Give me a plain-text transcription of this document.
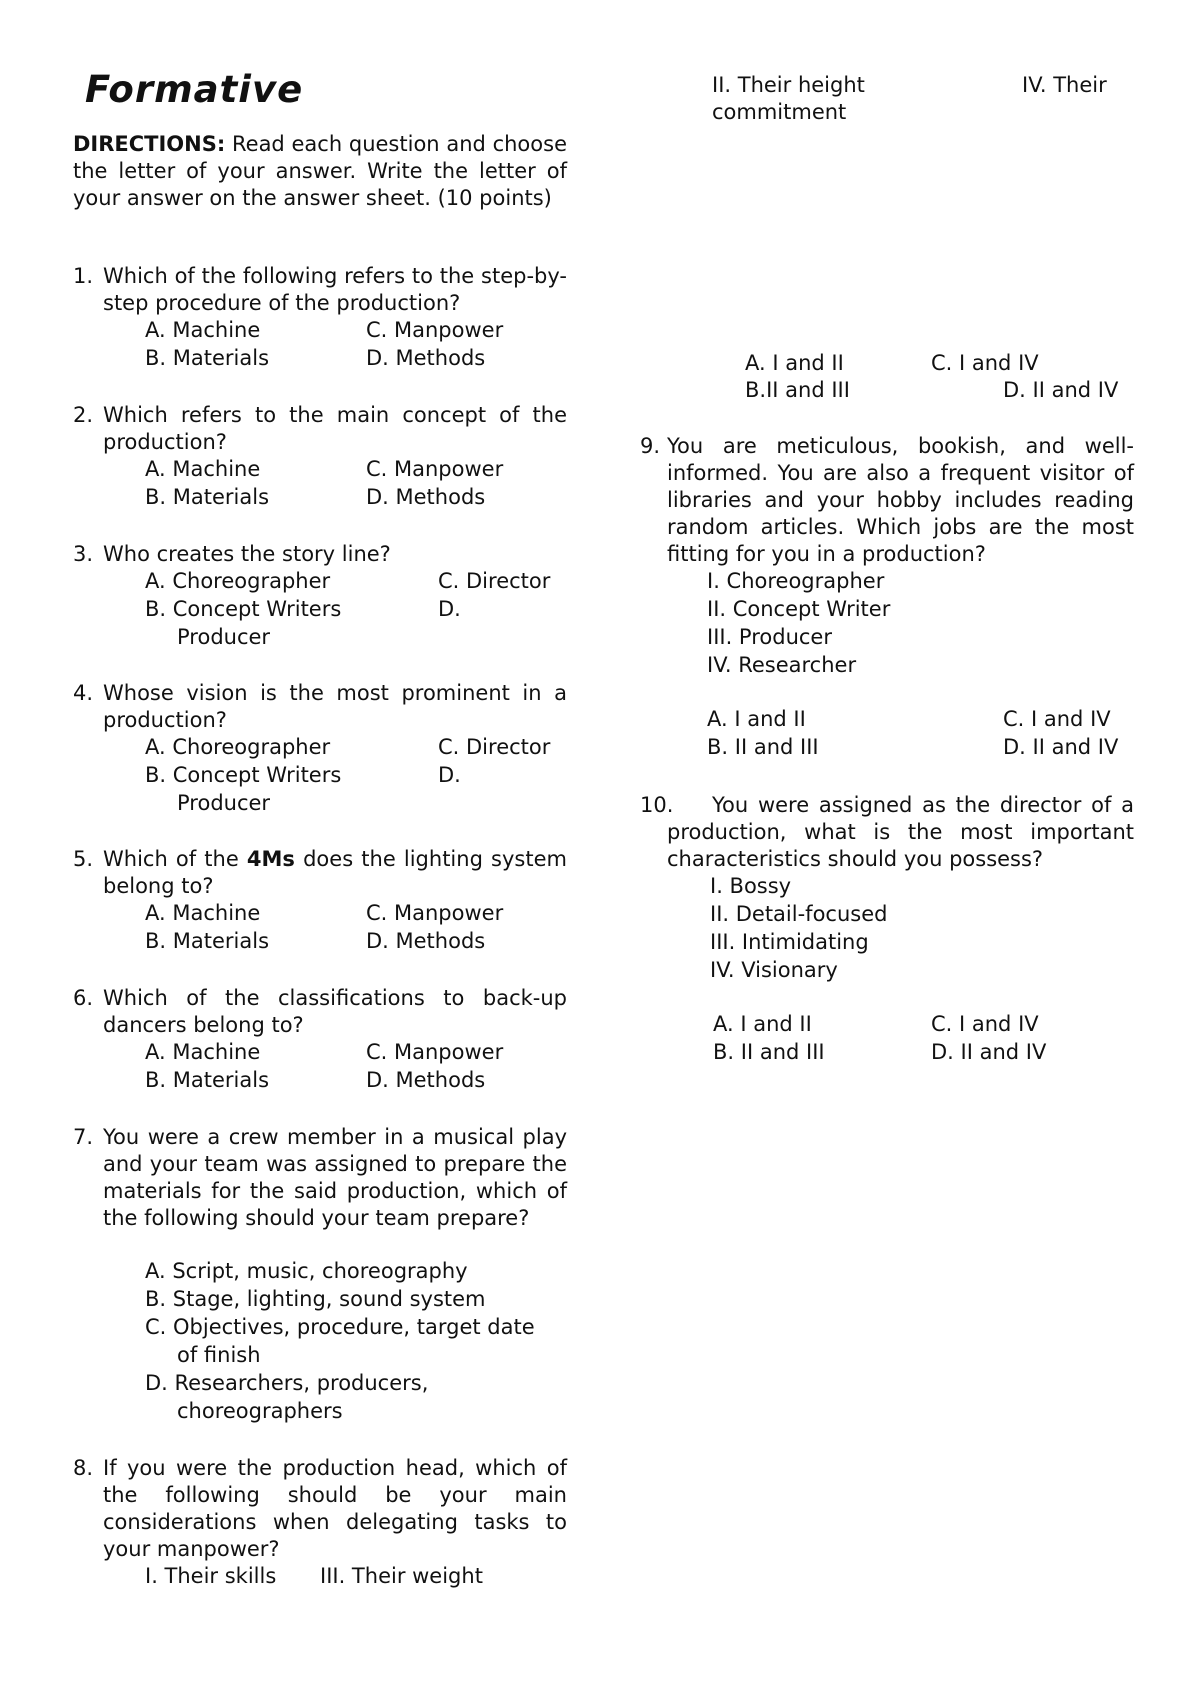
Formative

DIRECTIONS: Read each question and choose the letter of your answer. Write the letter of your answer on the answer sheet. (10 points)

1. Which of the following refers to the step-by-step procedure of the production?
A. Machine	C. Manpower
B. Materials	D. Methods
2. Which refers to the main concept of the production?
A. Machine	C. Manpower
B. Materials	D. Methods
3. Who creates the story line?
A. Choreographer	C. Director
B. Concept Writers	D.
Producer
4. Whose vision is the most prominent in a production?
A. Choreographer	C. Director
B. Concept Writers	D.
Producer
5. Which of the 4Ms does the lighting system belong to?
A. Machine	C. Manpower
B. Materials	D. Methods
6. Which of the classifications to back-up dancers belong to?
A. Machine	C. Manpower
B. Materials	D. Methods
7. You were a crew member in a musical play and your team was assigned to prepare the materials for the said production, which of the following should your team prepare?
A. Script, music, choreography
B. Stage, lighting, sound system
C. Objectives, procedure, target date
of finish
D. Researchers, producers,
choreographers
8. If you were the production head, which of the following should be your main considerations when delegating tasks to your manpower?
I. Their skills III. Their weight
II. Their height	IV. Their
commitment
A. I and II	C. I and IV
B.II and III	D. II and IV
9. You are meticulous, bookish, and well-informed. You are also a frequent visitor of libraries and your hobby includes reading random articles. Which jobs are the most fitting for you in a production?
I. Choreographer
II. Concept Writer
III. Producer
IV. Researcher
A. I and II	C. I and IV
B. II and III	D. II and IV
10.	You were assigned as the director of a production, what is the most important characteristics should you possess?
I. Bossy
II. Detail-focused
III. Intimidating
IV. Visionary
A. I and II	C. I and IV
B. II and III	D. II and IV
